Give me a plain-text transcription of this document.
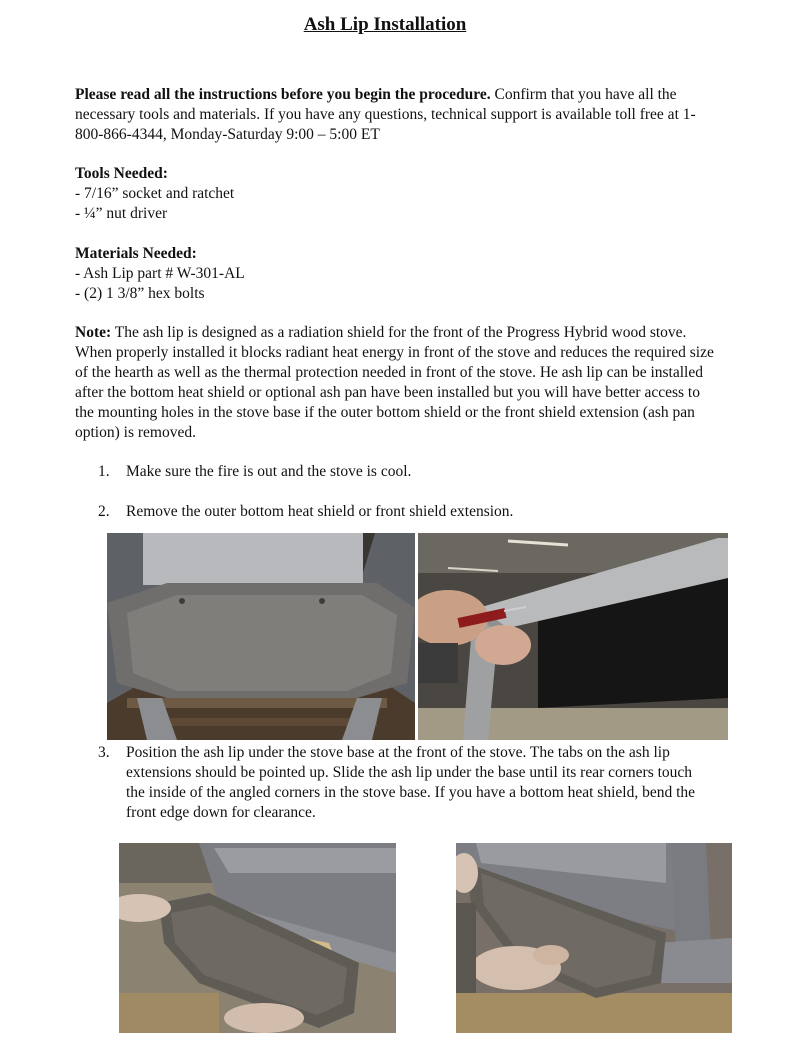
Ash Lip Installation

Please read all the instructions before you begin the procedure. Confirm that you have all the necessary tools and materials. If you have any questions, technical support is available toll free at 1-800-866-4344, Monday-Saturday 9:00 – 5:00 ET

Tools Needed:

- 7/16” socket and ratchet

- ¼” nut driver

Materials Needed:

- Ash Lip part # W-301-AL

- (2) 1 3/8” hex bolts

Note: The ash lip is designed as a radiation shield for the front of the Progress Hybrid wood stove. When properly installed it blocks radiant heat energy in front of the stove and reduces the required size of the hearth as well as the thermal protection needed in front of the stove. He ash lip can be installed after the bottom heat shield or optional ash pan have been installed but you will have better access to the mounting holes in the stove base if the outer bottom shield or the front shield extension (ash pan option) is removed.

1.	Make sure the fire is out and the stove is cool.
2.	Remove the outer bottom heat shield or front shield extension.
3.	Position the ash lip under the stove base at the front of the stove. The tabs on the ash lip extensions should be pointed up. Slide the ash lip under the base until its rear corners touch the inside of the angled corners in the stove base. If you have a bottom heat shield, bend the front edge down for clearance.
